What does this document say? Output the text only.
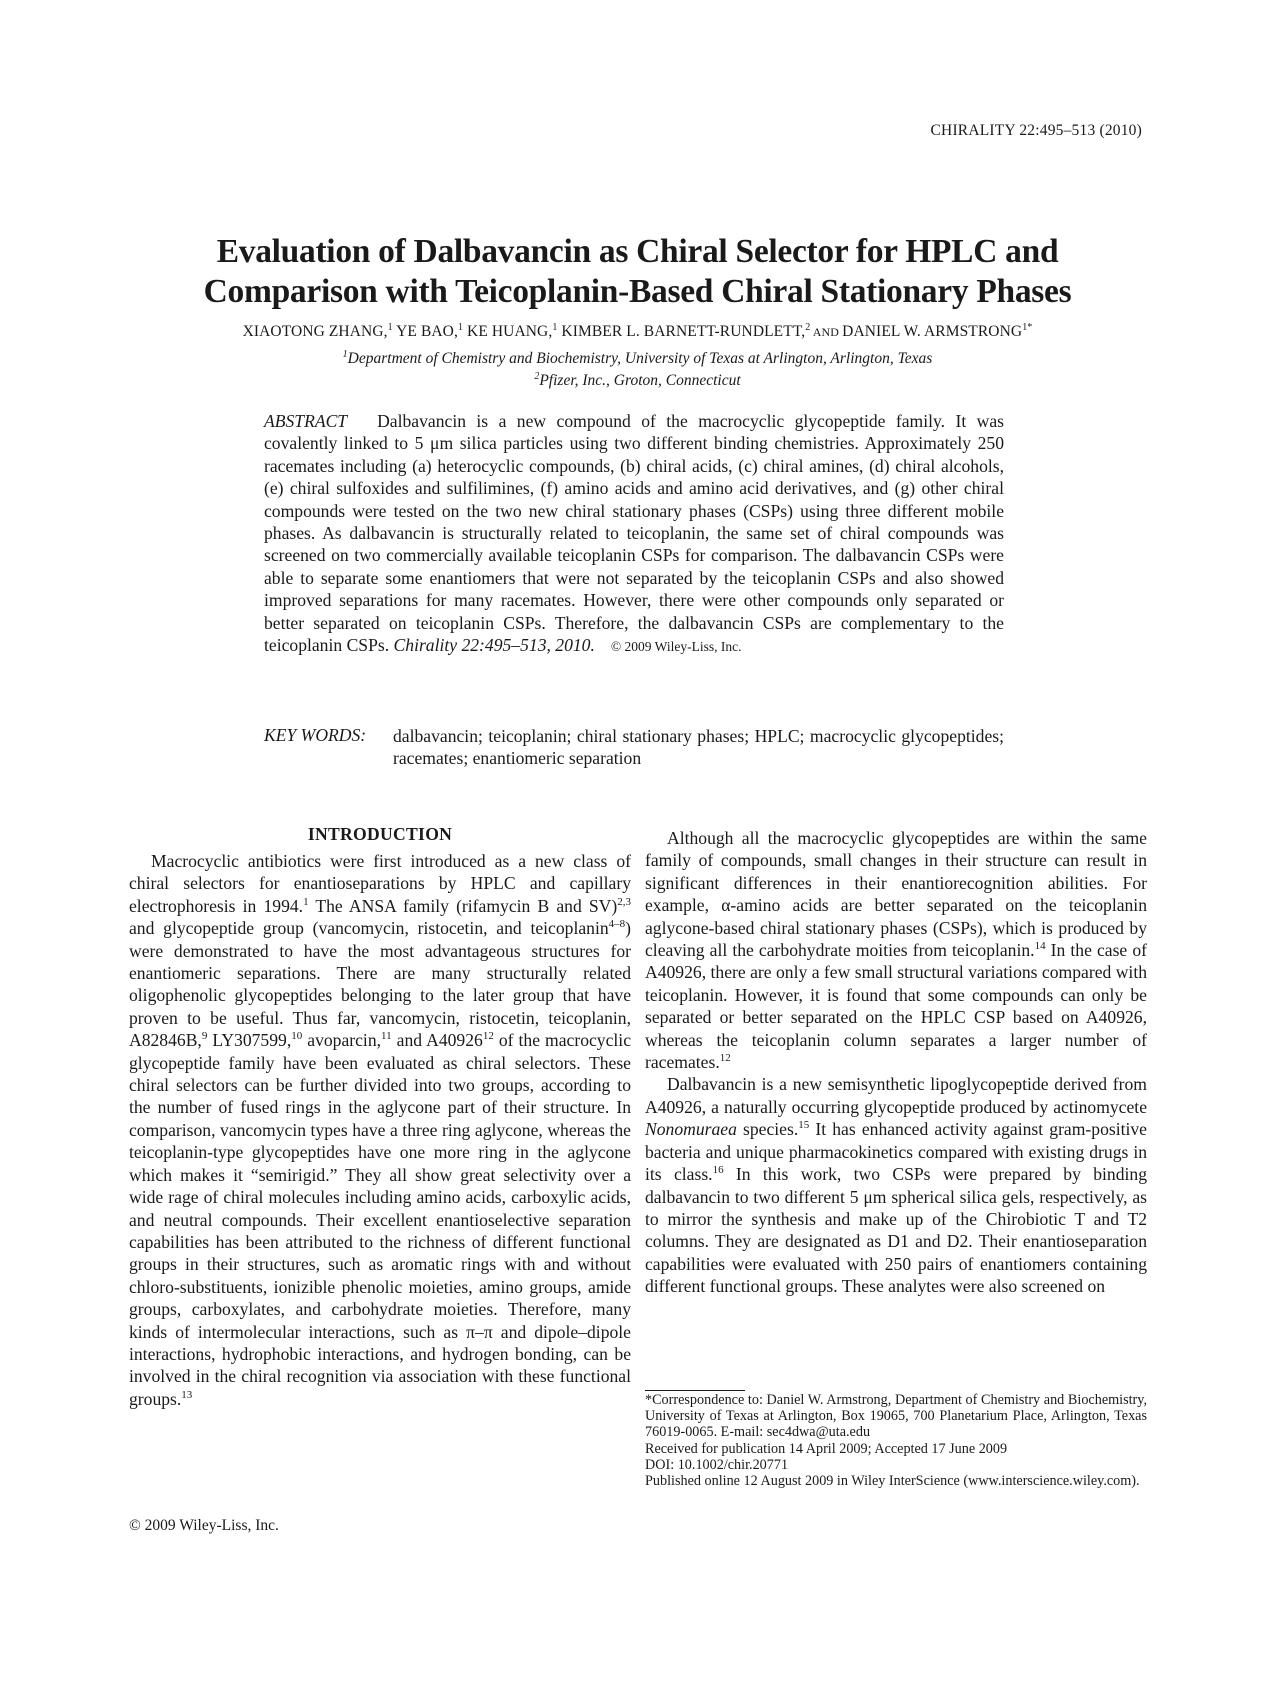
CHIRALITY 22:495–513 (2010)
Evaluation of Dalbavancin as Chiral Selector for HPLC and
Comparison with Teicoplanin-Based Chiral Stationary Phases
XIAOTONG ZHANG,$^1$ YE BAO,$^1$ KE HUANG,$^1$ KIMBER L. BARNETT-RUNDLETT,$^2$ AND DANIEL W. $ARMSTRONG^{1*}$
$^1$Department of Chemistry and Biochemistry, University of Texas at Arlington, Arlington, Texas
$^2$Pfizer, Inc., Groton, Connecticut
ABSTRACT Dalbavancin is a new compound of the macrocyclic glycopeptide family. It was covalently linked to 5 μm silica particles using two different binding chemistries. Approximately 250 racemates including (a) heterocyclic compounds, (b) chiral acids, (c) chiral amines, (d) chiral alcohols, (e) chiral sulfoxides and sulfilimines, (f) amino acids and amino acid derivatives, and (g) other chiral compounds were tested on the two new chiral stationary phases (CSPs) using three different mobile phases. As dalbavancin is structurally related to teicoplanin, the same set of chiral compounds was screened on two commercially available teicoplanin CSPs for comparison. The dalbavancin CSPs were able to separate some enantiomers that were not separated by the teicoplanin CSPs and also showed improved separations for many racemates. However, there were other compounds only separated or better separated on teicoplanin CSPs. Therefore, the dalbavancin CSPs are complementary to the teicoplanin CSPs. Chirality 22:495–513, 2010. © 2009 Wiley-Liss, Inc.
KEY WORDS: dalbavancin; teicoplanin; chiral stationary phases; HPLC; macrocyclic glycopeptides; racemates; enantiomeric separation
INTRODUCTION

Macrocyclic antibiotics were first introduced as a new class of chiral selectors for enantioseparations by HPLC and capillary electrophoresis in 1994.$^1$ The ANSA family (rifamycin B and SV)$^{2,3}$ and glycopeptide group (vancomycin, ristocetin, and teicoplanin$^{4-8}$) were demonstrated to have the most advantageous structures for enantiomeric separations. There are many structurally related oligophenolic glycopeptides belonging to the later group that have proven to be useful. Thus far, vancomycin, ristocetin, teicoplanin, A82846B,$^9$ LY307599,10 avoparcin,$^{11}$ and A40926$^{12}$ of the macrocyclic glycopeptide family have been evaluated as chiral selectors. These chiral selectors can be further divided into two groups, according to the number of fused rings in the aglycone part of their structure. In comparison, vancomycin types have a three ring aglycone, whereas the teicoplanin-type glycopeptides have one more ring in the aglycone which makes it “semirigid.” They all show great selectivity over a wide rage of chiral molecules including amino acids, carboxylic acids, and neutral compounds. Their excellent enantioselective separation capabilities has been attributed to the richness of different functional groups in their structures, such as aromatic rings with and without chloro-substituents, ionizible phenolic moieties, amino groups, amide groups, carboxylates, and carbohydrate moieties. Therefore, many kinds of intermolecular interactions, such as π–π and dipole–dipole interactions, hydrophobic interactions, and hydrogen bonding, can be involved in the chiral recognition via association with these functional groups.$^{13}$

© 2009 Wiley-Liss, Inc.

Although all the macrocyclic glycopeptides are within the same family of compounds, small changes in their structure can result in significant differences in their enantiorecognition abilities. For example, α-amino acids are better separated on the teicoplanin aglycone-based chiral stationary phases (CSPs), which is produced by cleaving all the carbohydrate moities from teicoplanin.$^{14}$ In the case of A40926, there are only a few small structural variations compared with teicoplanin. However, it is found that some compounds can only be separated or better separated on the HPLC CSP based on A40926, whereas the teicoplanin column separates a larger number of racemates.$^{12}$

Dalbavancin is a new semisynthetic lipoglycopeptide derived from A40926, a naturally occurring glycopeptide produced by actinomycete Nonomuraea species.$^{15}$ It has enhanced activity against gram-positive bacteria and unique pharmacokinetics compared with existing drugs in its class.$^{16}$ In this work, two CSPs were prepared by binding dalbavancin to two different 5 μm spherical silica gels, respectively, as to mirror the synthesis and make up of the Chirobiotic T and T2 columns. They are designated as D1 and D2. Their enantioseparation capabilities were evaluated with 250 pairs of enantiomers containing different functional groups. These analytes were also screened on

*Correspondence to: Daniel W. Armstrong, Department of Chemistry and Biochemistry, University of Texas at Arlington, Box 19065, 700 Planetarium Place, Arlington, Texas 76019-0065. E-mail: sec4dwa@uta.edu

Received for publication 14 April 2009; Accepted 17 June 2009

DOI: 10.1002/chir.20771

Published online 12 August 2009 in Wiley InterScience (www.interscience.wiley.com).
